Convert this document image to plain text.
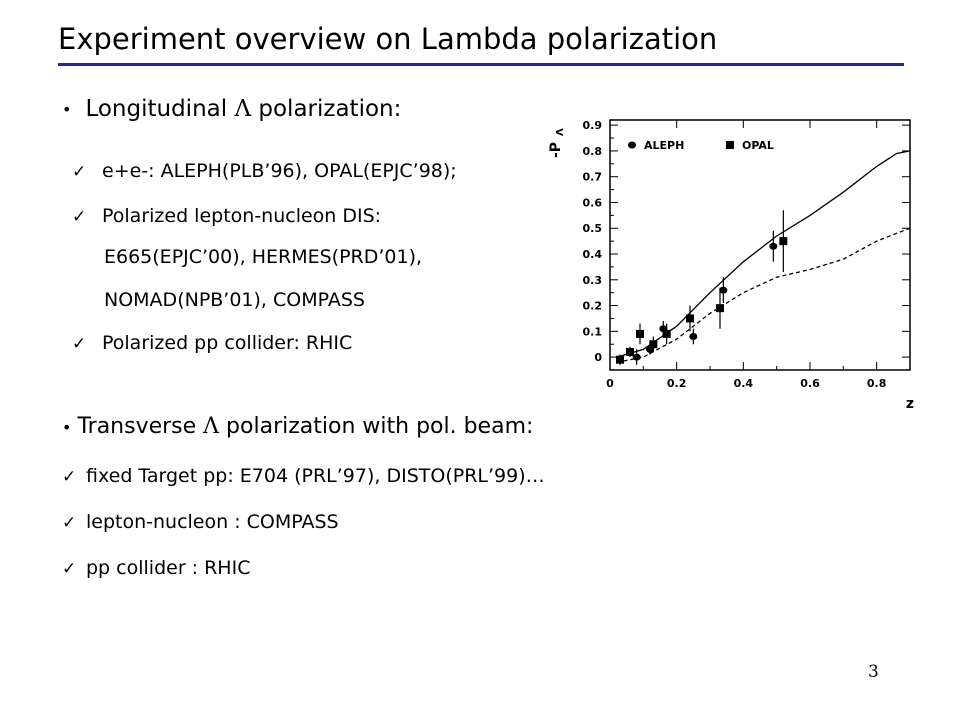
Experiment overview on Lambda polarization
• Longitudinal Λ polarization:
✓ e+e-: ALEPH(PLB’96), OPAL(EPJC’98);
✓ Polarized lepton-nucleon DIS:
E665(EPJC’00), HERMES(PRD’01),
NOMAD(NPB’01), COMPASS
✓ Polarized pp collider: RHIC
• Transverse Λ polarization with pol. beam:
✓ fixed Target pp: E704 (PRL’97), DISTO(PRL’99)…
✓ lepton-nucleon : COMPASS
✓ pp collider : RHIC
0
0.1
0.2
0.3
0.4
0.5
0.6
0.7
0.8
0.9
0	0.2	0.4	0.6	0.8
z
-P
Λ
ALEPH	OPAL
3
